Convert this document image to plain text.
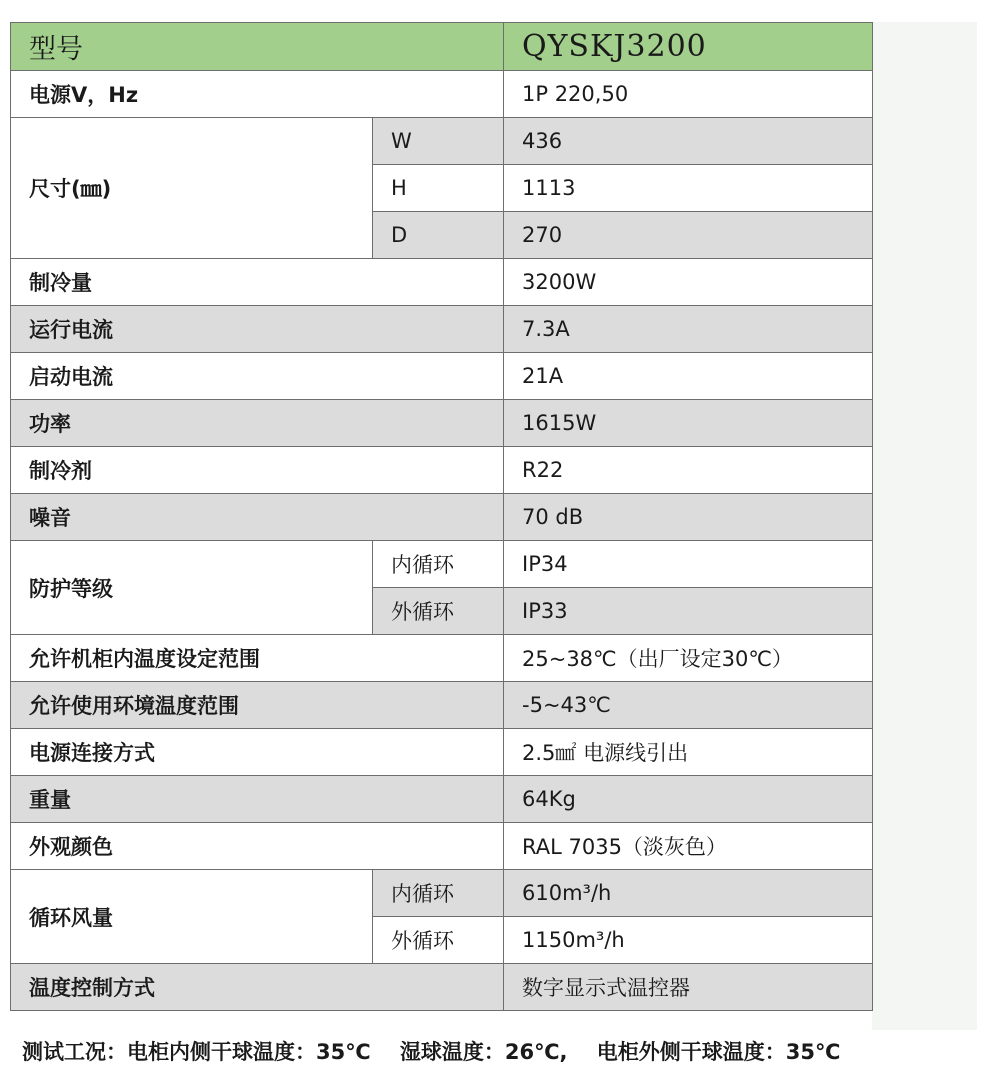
型号		QYSKJ3200
电源V，Hz		1P 220,50
尺寸(㎜)	W	436
	H	1113
	D	270
制冷量		3200W
运行电流		7.3A
启动电流		21A
功率		1615W
制冷剂		R22
噪音		70 dB
防护等级	内循环	IP34
	外循环	IP33
允许机柜内温度设定范围		25~38℃（出厂设定30℃）
允许使用环境温度范围		-5~43℃
电源连接方式		2.5㎟ 电源线引出
重量		64Kg
外观颜色		RAL 7035（淡灰色）
循环风量	内循环	610m³/h
	外循环	1150m³/h
温度控制方式		数字显示式温控器
测试工况：电柜内侧干球温度：35℃ 湿球温度：26℃, 电柜外侧干球温度：35℃
